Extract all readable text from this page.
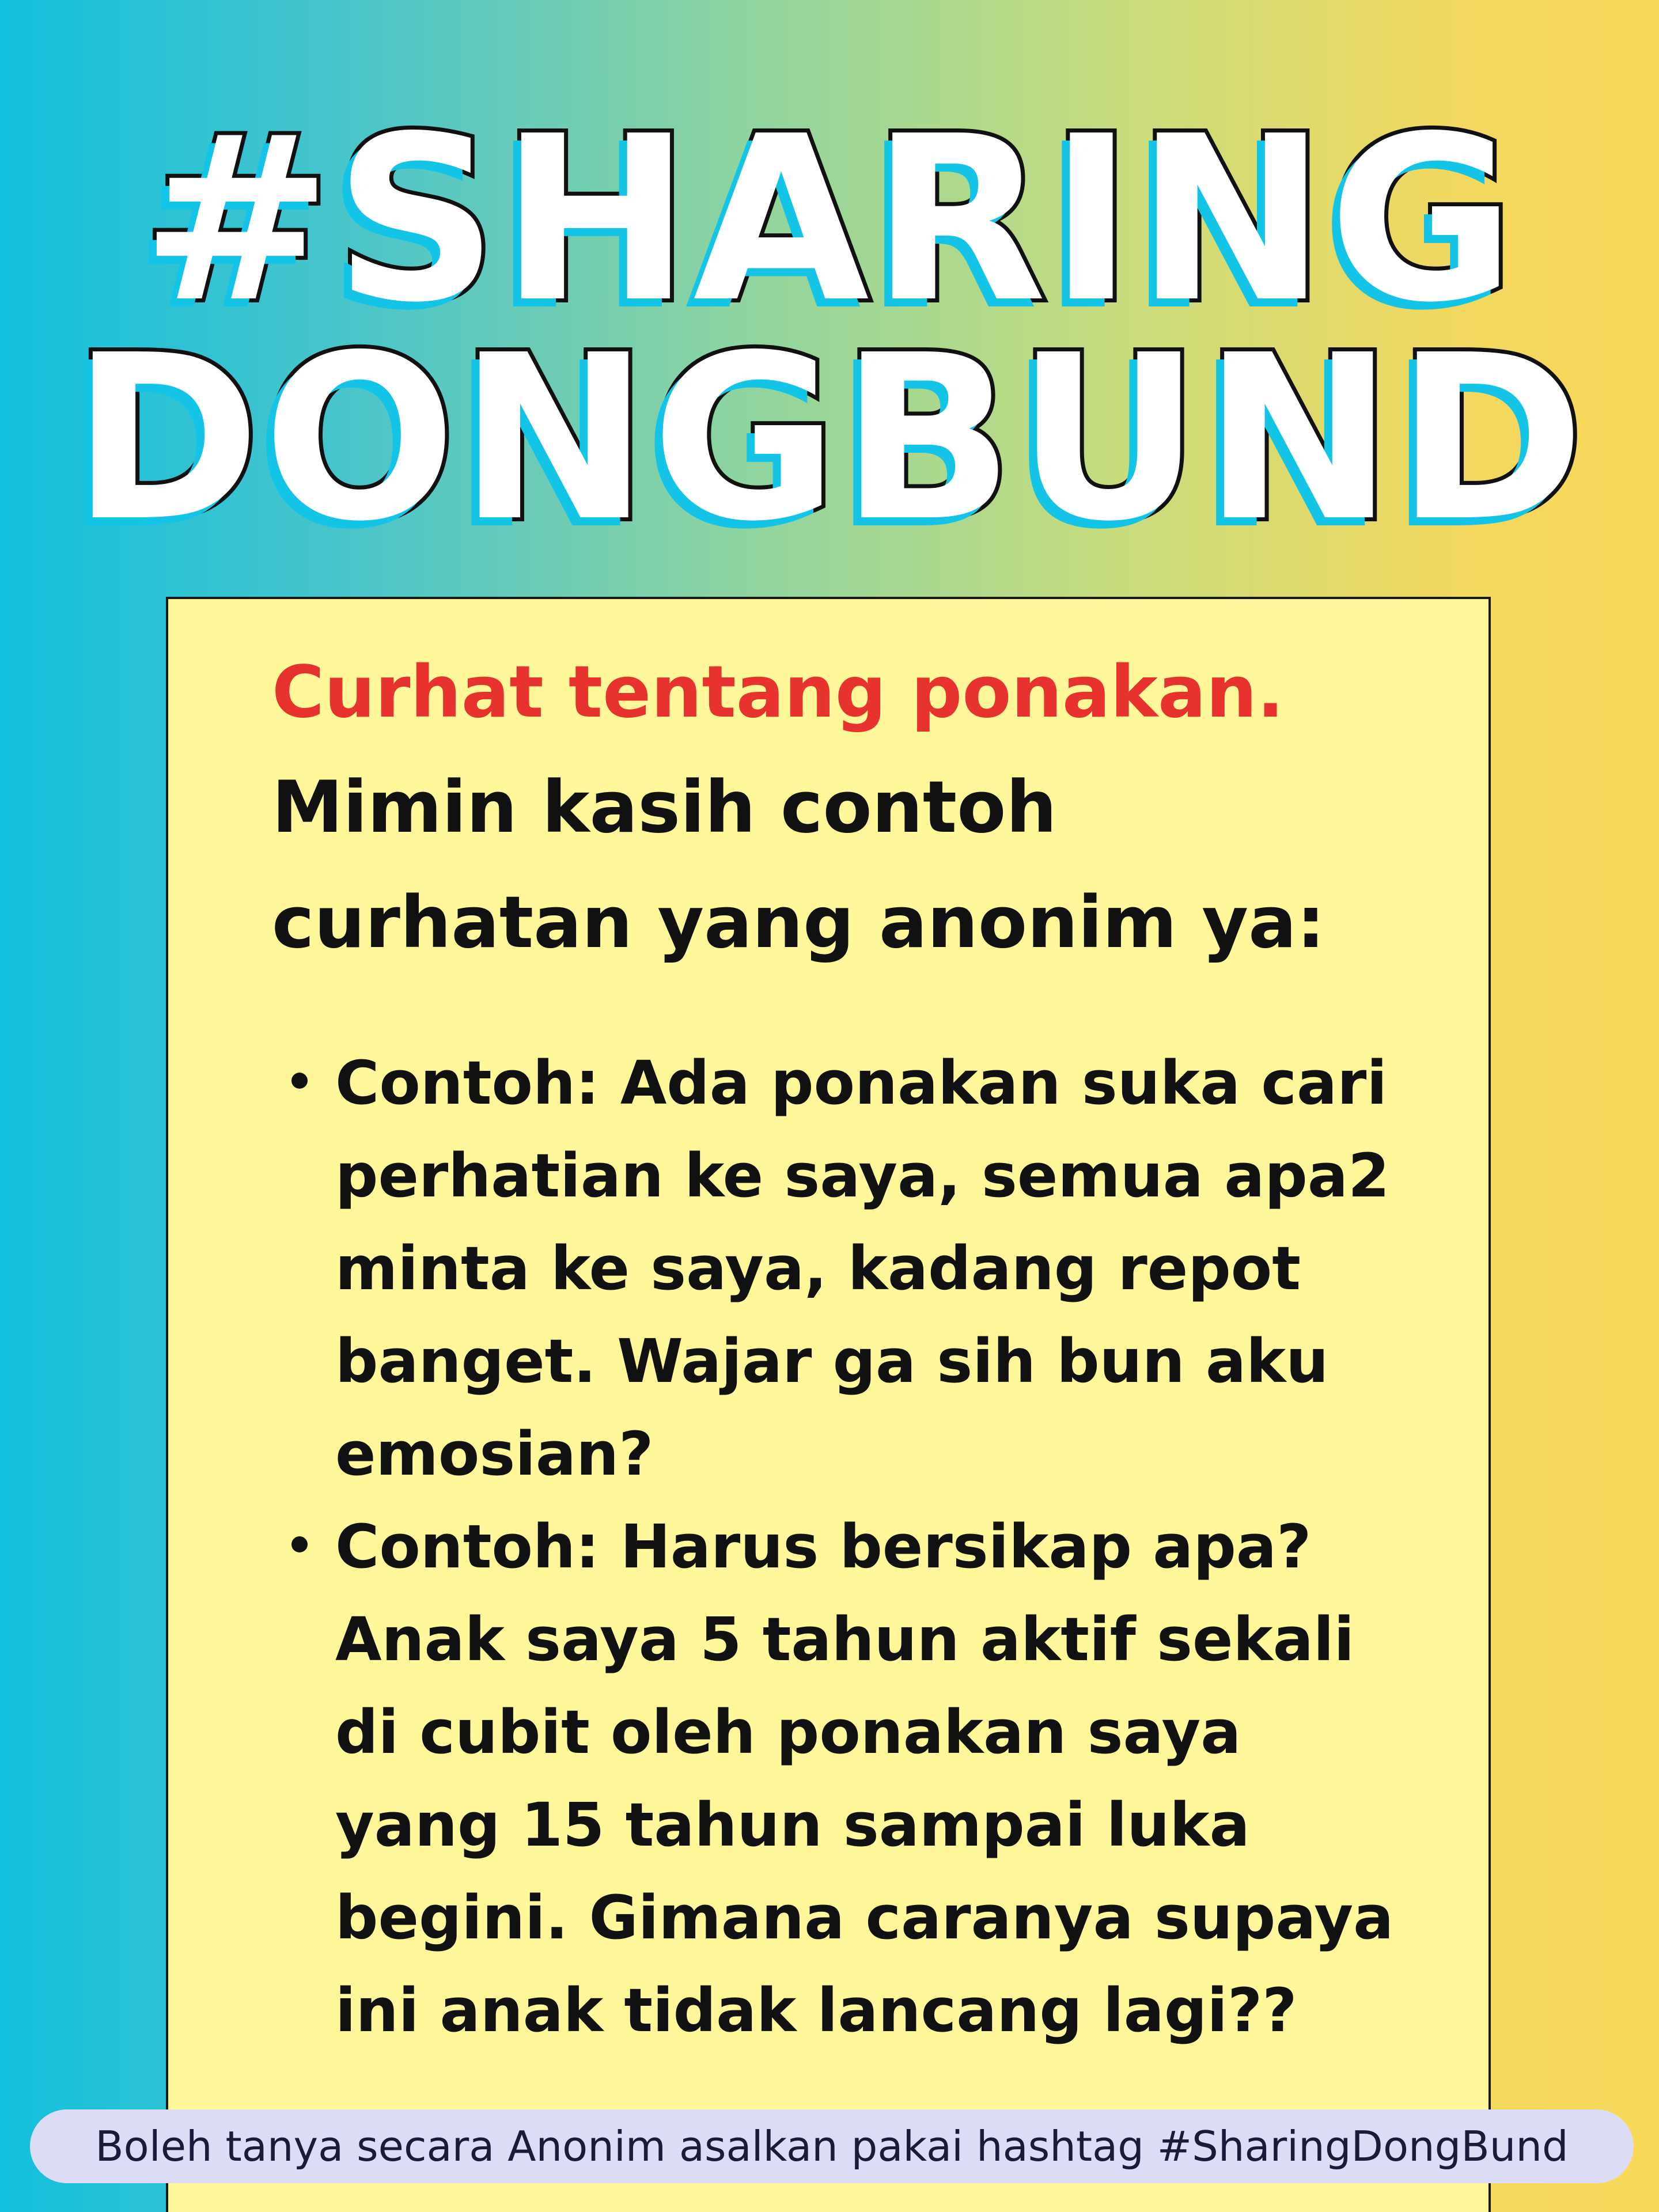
#SHARING
DONGBUND
Curhat tentang ponakan.
Mimin kasih contoh
curhatan yang anonim ya:
Contoh: Ada ponakan suka cari perhatian ke saya, semua apa2 minta ke saya, kadang repot banget. Wajar ga sih bun aku emosian?
Contoh: Harus bersikap apa? Anak saya 5 tahun aktif sekali di cubit oleh ponakan saya yang 15 tahun sampai luka begini. Gimana caranya supaya ini anak tidak lancang lagi??
Boleh tanya secara Anonim asalkan pakai hashtag #SharingDongBund
